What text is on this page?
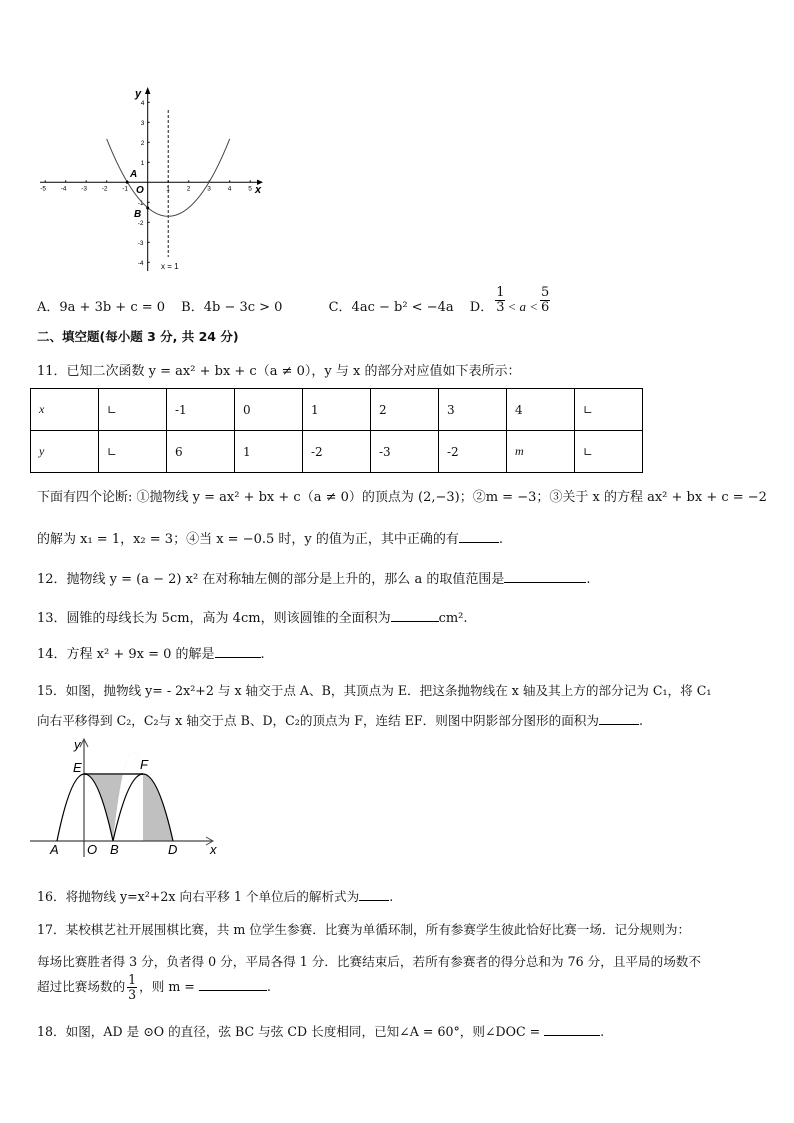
-5 -4 -3 -2 -1	1	2	3	4	5
4
3
2
1
-1
-2
-3
-4
y
x
O
A
B
x = 1
A．9a + 3b + c = 0 B．4b − 3c > 0	C．4ac − b² < −4a D． $\frac{1}{3} < a < \frac{5}{6}$
二、填空题(每小题 3 分, 共 24 分)
11．已知二次函数 y = ax² + bx + c（a ≠ 0），y 与 x 的部分对应值如下表所示：
x	∟	-1	0	1	2	3	4	∟
y	∟	6	1	-2	-3	-2	m	∟
下面有四个论断: ①抛物线 y = ax² + bx + c（a ≠ 0）的顶点为 (2,−3)；②m = −3；③关于 x 的方程 ax² + bx + c = −2
的解为 x₁ = 1，x₂ = 3；④当 x = −0.5 时，y 的值为正，其中正确的有	.
12．抛物线 y = (a − 2) x² 在对称轴左侧的部分是上升的，那么 a 的取值范围是	.
13．圆锥的母线长为 5cm，高为 4cm，则该圆锥的全面积为	cm².
14．方程 x² + 9x = 0 的解是	.
15．如图，抛物线 y= - 2x²+2 与 x 轴交于点 A、B，其顶点为 E．把这条抛物线在 x 轴及其上方的部分记为 C₁，将 C₁
向右平移得到 C₂，C₂与 x 轴交于点 B、D，C₂的顶点为 F，连结 EF．则图中阴影部分图形的面积为	.
y
E	F
A O B	D	x
16．将抛物线 y=x²+2x 向右平移 1 个单位后的解析式为 .
17．某校棋艺社开展围棋比赛，共 m 位学生参赛．比赛为单循环制，所有参赛学生彼此恰好比赛一场．记分规则为：
每场比赛胜者得 3 分，负者得 0 分，平局各得 1 分．比赛结束后，若所有参赛者的得分总和为 76 分，且平局的场数不
超过比赛场数的 $\frac{1}{3}$ ，则 m =	.
18．如图，AD 是 ⊙O 的直径，弦 BC 与弦 CD 长度相同，已知∠A = 60°，则∠DOC =	.
